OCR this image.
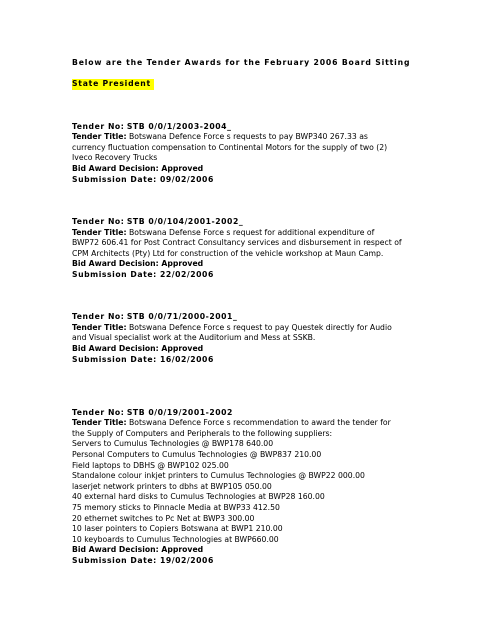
Below are the Tender Awards for the February 2006 Board Sitting
State President
Tender No: STB 0/0/1/2003-2004_
Tender Title: Botswana Defence Force s requests to pay BWP340 267.33 as
currency fluctuation compensation to Continental Motors for the supply of two (2)
Iveco Recovery Trucks
Bid Award Decision: Approved
Submission Date: 09/02/2006
Tender No: STB 0/0/104/2001-2002_
Tender Title: Botswana Defense Force s request for additional expenditure of
BWP72 606.41 for Post Contract Consultancy services and disbursement in respect of
CPM Architects (Pty) Ltd for construction of the vehicle workshop at Maun Camp.
Bid Award Decision: Approved
Submission Date: 22/02/2006
Tender No: STB 0/0/71/2000-2001_
Tender Title: Botswana Defence Force s request to pay Questek directly for Audio
and Visual specialist work at the Auditorium and Mess at SSKB.
Bid Award Decision: Approved
Submission Date: 16/02/2006
Tender No: STB 0/0/19/2001-2002
Tender Title: Botswana Defence Force s recommendation to award the tender for
the Supply of Computers and Peripherals to the following suppliers:
Servers to Cumulus Technologies @ BWP178 640.00
Personal Computers to Cumulus Technologies @ BWP837 210.00
Field laptops to DBHS @ BWP102 025.00
Standalone colour inkjet printers to Cumulus Technologies @ BWP22 000.00
laserjet network printers to dbhs at BWP105 050.00
40 external hard disks to Cumulus Technologies at BWP28 160.00
75 memory sticks to Pinnacle Media at BWP33 412.50
20 ethernet switches to Pc Net at BWP3 300.00
10 laser pointers to Copiers Botswana at BWP1 210.00
10 keyboards to Cumulus Technologies at BWP660.00
Bid Award Decision: Approved
Submission Date: 19/02/2006
